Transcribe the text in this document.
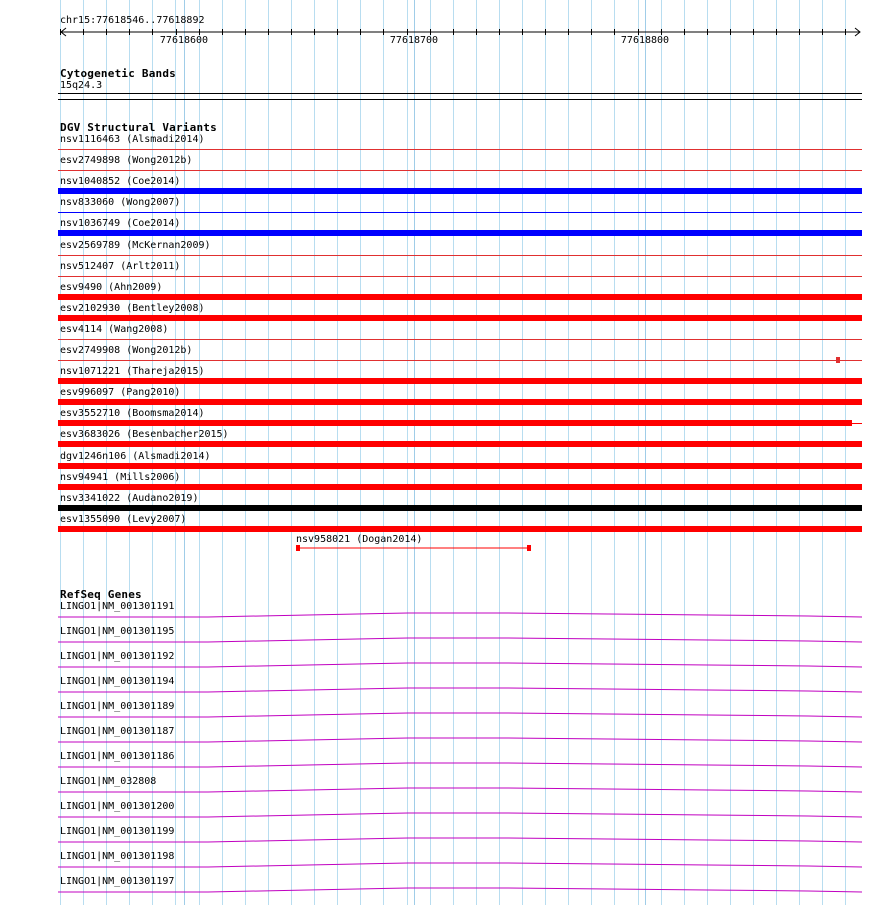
chr15:77618546..77618892
77618600	77618700	77618800
Cytogenetic Bands
15q24.3
DGV Structural Variants
nsv1116463 (Alsmadi2014)
esv2749898 (Wong2012b)
nsv1040852 (Coe2014)
nsv833060 (Wong2007)
nsv1036749 (Coe2014)
esv2569789 (McKernan2009)
nsv512407 (Arlt2011)
esv9490 (Ahn2009)
esv2102930 (Bentley2008)
esv4114 (Wang2008)
esv2749908 (Wong2012b)
nsv1071221 (Thareja2015)
esv996097 (Pang2010)
esv3552710 (Boomsma2014)
esv3683026 (Besenbacher2015)
dgv1246n106 (Alsmadi2014)
nsv94941 (Mills2006)
nsv3341022 (Audano2019)
esv1355090 (Levy2007)
nsv958021 (Dogan2014)
RefSeq Genes
LINGO1|NM_001301191
LINGO1|NM_001301195
LINGO1|NM_001301192
LINGO1|NM_001301194
LINGO1|NM_001301189
LINGO1|NM_001301187
LINGO1|NM_001301186
LINGO1|NM_032808
LINGO1|NM_001301200
LINGO1|NM_001301199
LINGO1|NM_001301198
LINGO1|NM_001301197
